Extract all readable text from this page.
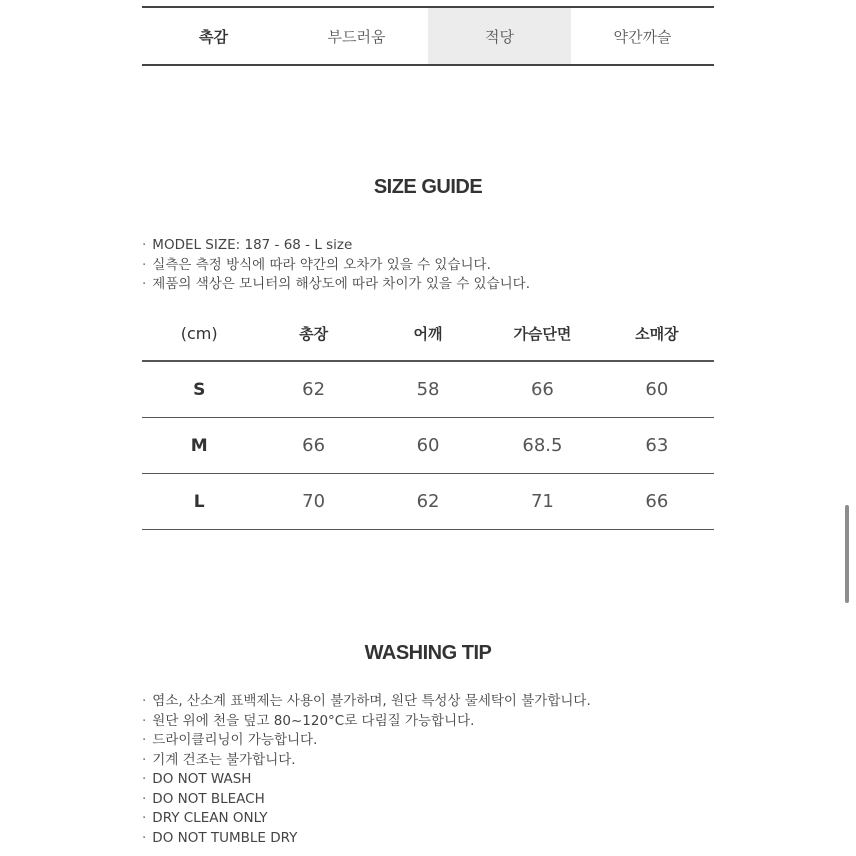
촉감	부드러움	적당	약간까슬
SIZE GUIDE
· MODEL SIZE: 187 - 68 - L size
· 실측은 측정 방식에 따라 약간의 오차가 있을 수 있습니다.
· 제품의 색상은 모니터의 해상도에 따라 차이가 있을 수 있습니다.
(cm)	총장	어깨	가슴단면	소매장
S	62	58	66	60
M	66	60	68.5	63
L	70	62	71	66
WASHING TIP
· 염소, 산소계 표백제는 사용이 불가하며, 원단 특성상 물세탁이 불가합니다.
· 원단 위에 천을 덮고 80~120°C로 다림질 가능합니다.
· 드라이클리닝이 가능합니다.
· 기계 건조는 불가합니다.
· DO NOT WASH
· DO NOT BLEACH
· DRY CLEAN ONLY
· DO NOT TUMBLE DRY
